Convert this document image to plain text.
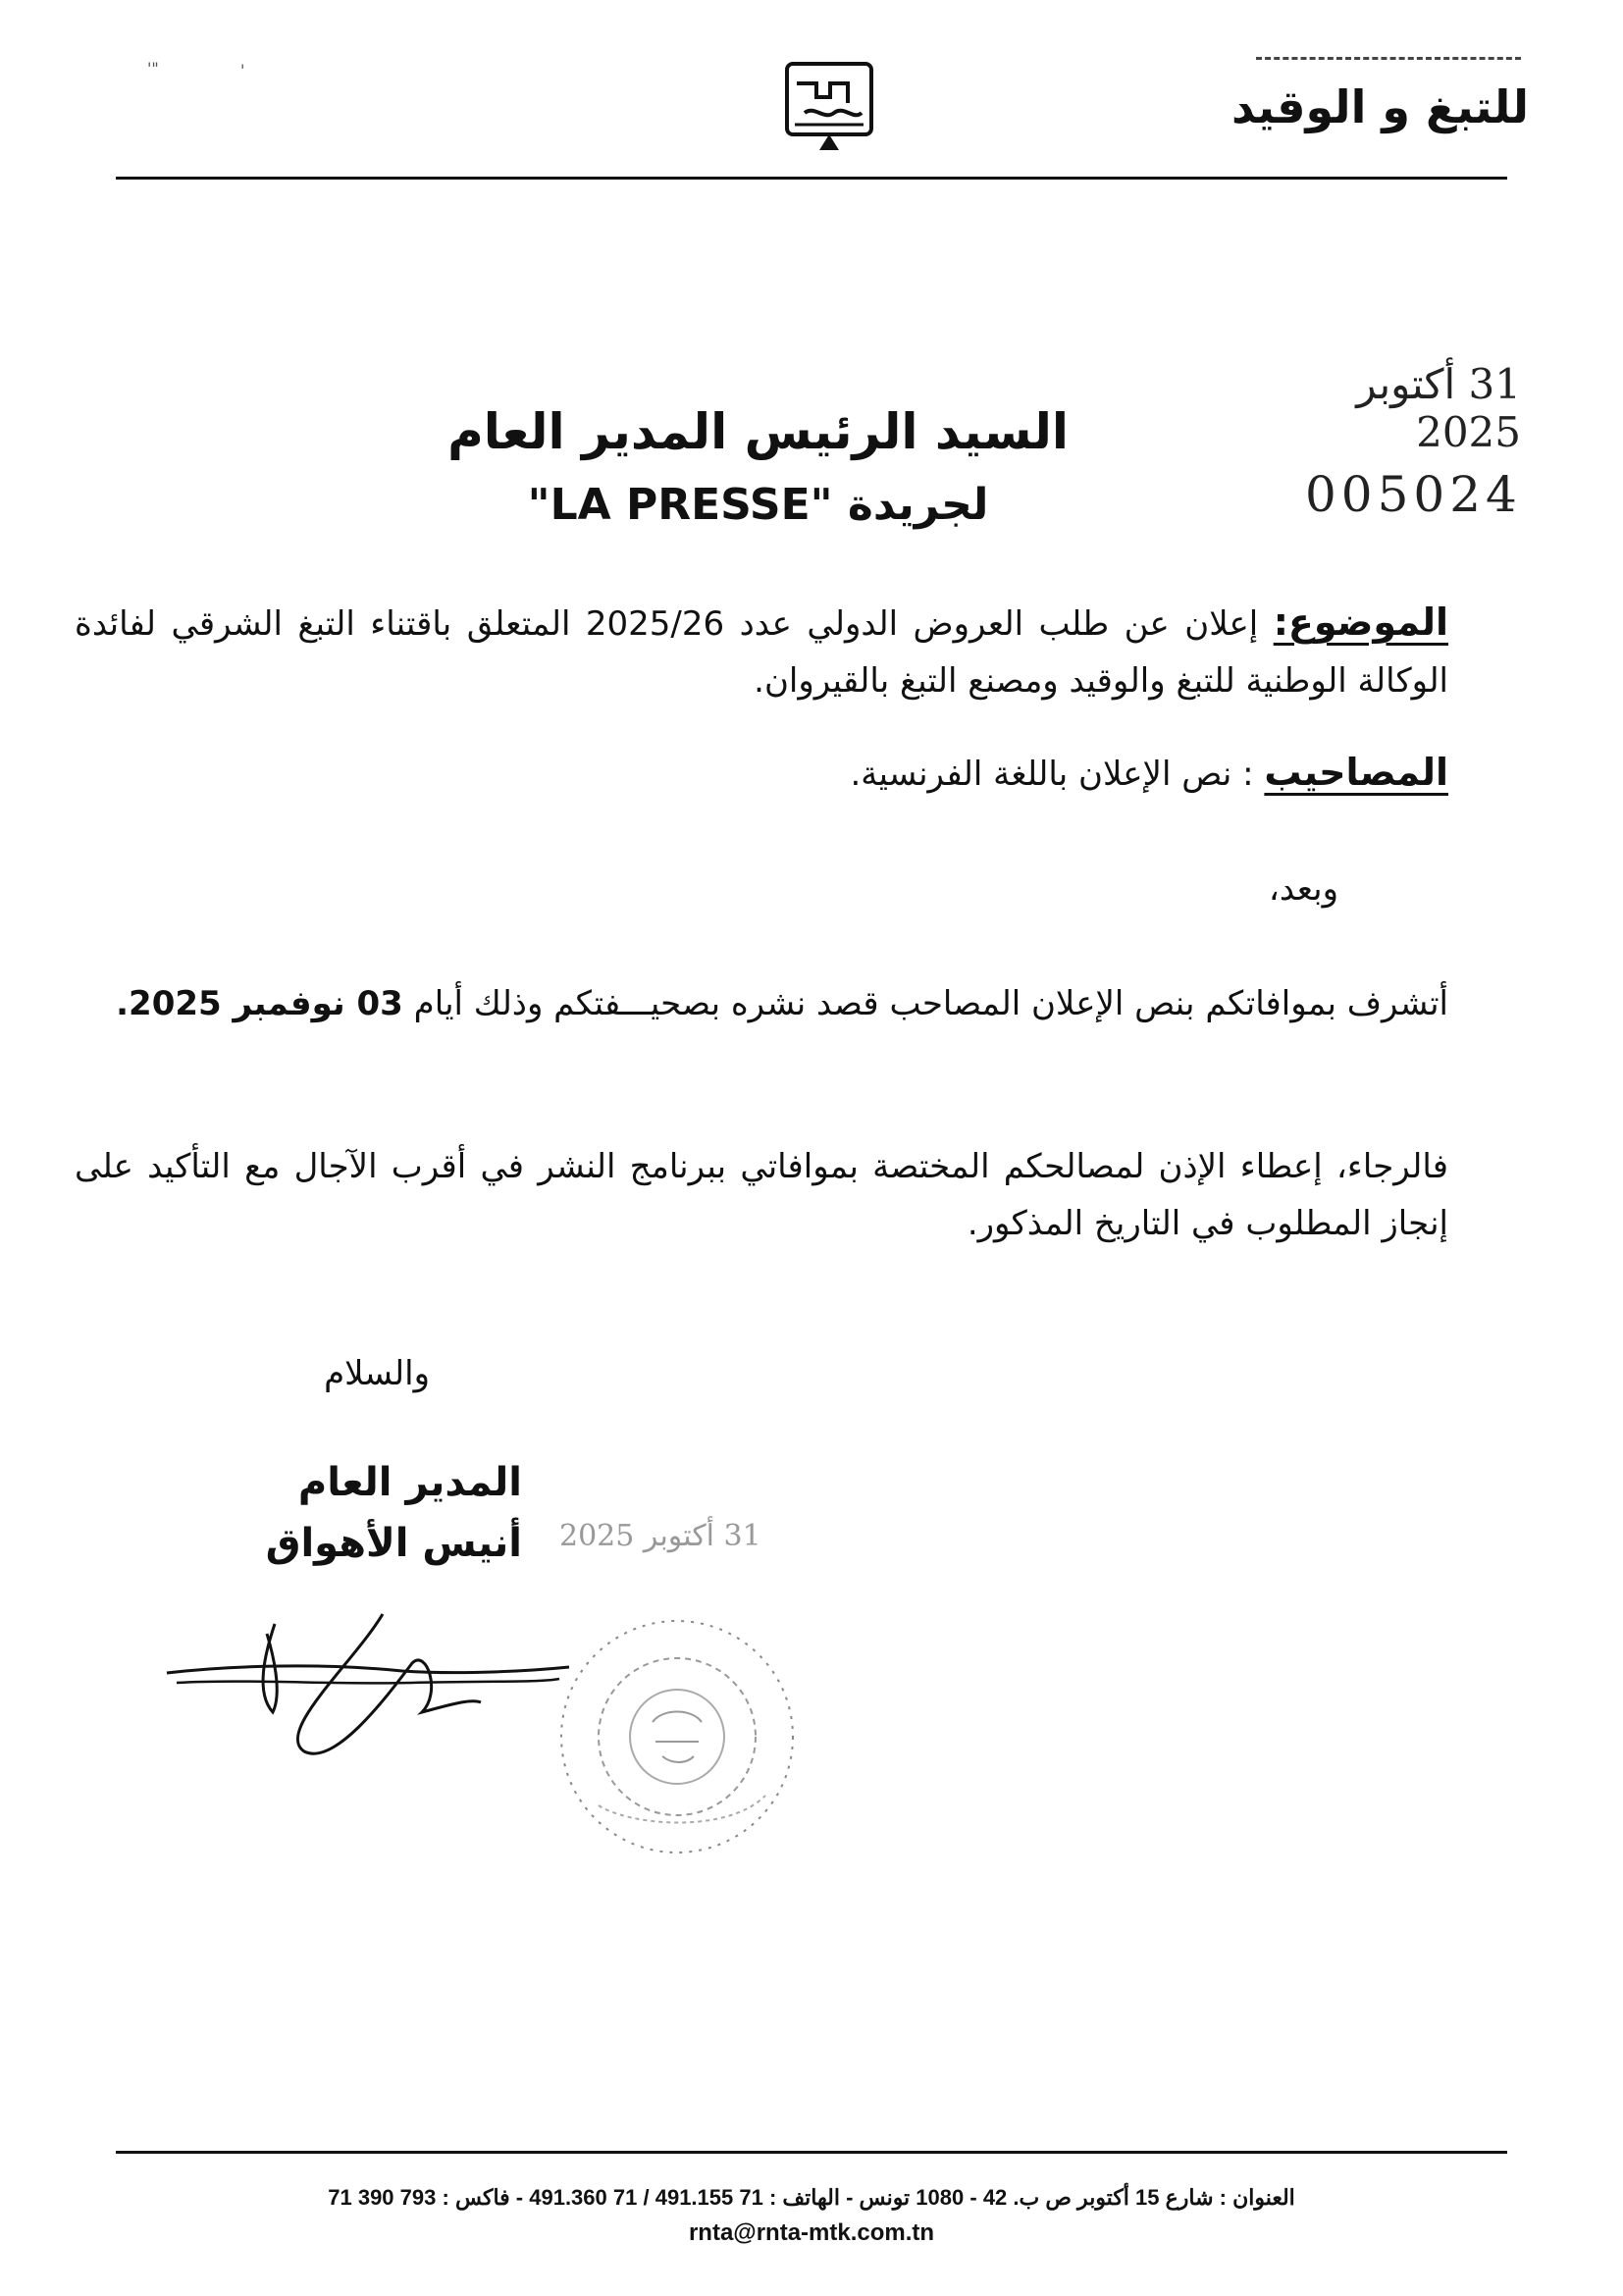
'"	'
للتبغ و الوقيد
31 أكتوبر 2025
005024
السيد الرئيس المدير العام
لجريدة "LA PRESSE"
الموضوع: إعلان عن طلب العروض الدولي عدد 2025/26 المتعلق باقتناء التبغ الشرقي لفائدة الوكالة الوطنية للتبغ والوقيد ومصنع التبغ بالقيروان.
المصاحيب : نص الإعلان باللغة الفرنسية.
وبعد،
أتشرف بموافاتكم بنص الإعلان المصاحب قصد نشره بصحيـــفتكم وذلك أيام 03 نوفمبر 2025.
فالرجاء، إعطاء الإذن لمصالحكم المختصة بموافاتي ببرنامج النشر في أقرب الآجال مع التأكيد على إنجاز المطلوب في التاريخ المذكور.
والسلام
المدير العام
أنيس الأهواق 31 أكتوبر 2025
العنوان : شارع 15 أكتوبر ص ب. 42 - 1080 تونس - الهاتف : 71 491.155 / 71 491.360 - فاكس : 793 390 71
rnta@rnta-mtk.com.tn
